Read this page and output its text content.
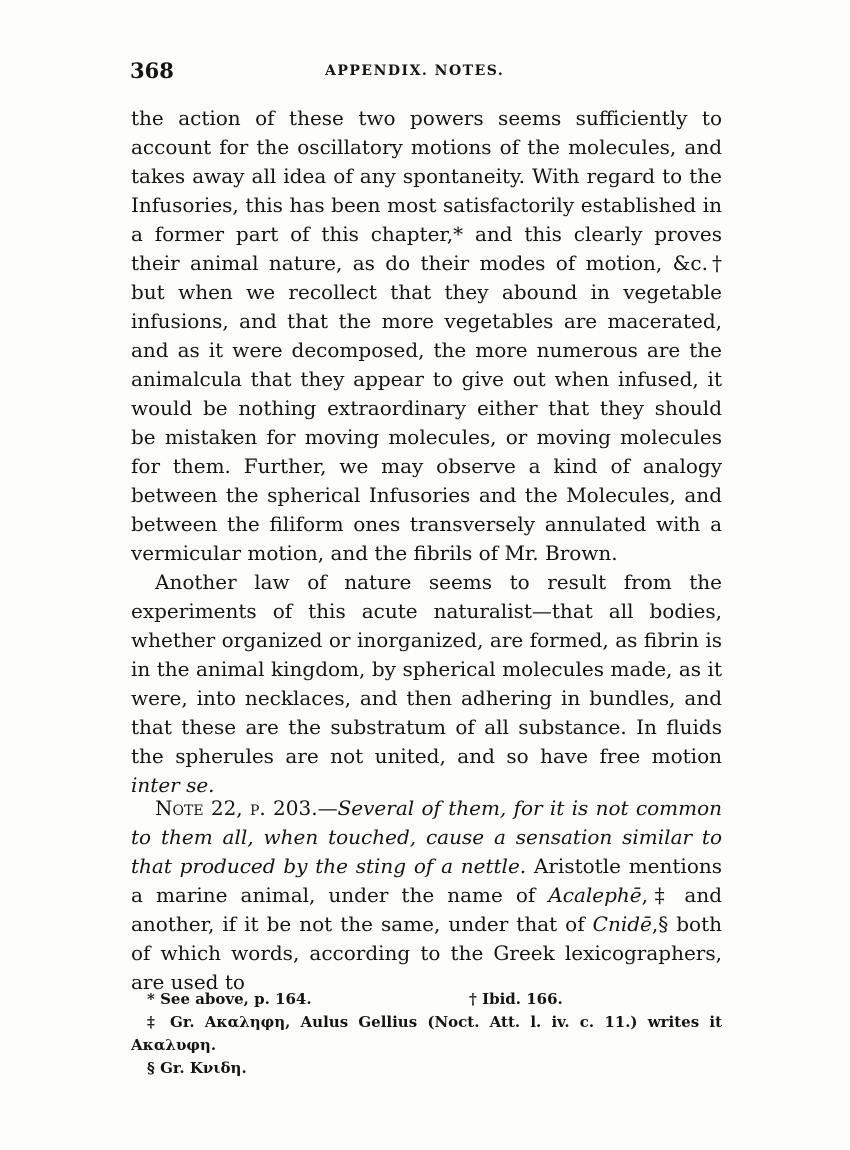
368	APPENDIX. NOTES.

the action of these two powers seems sufficiently to account for the oscillatory motions of the molecules, and takes away all idea of any spontaneity. With regard to the Infusories, this has been most satisfactorily established in a former part of this chapter,* and this clearly proves their animal nature, as do their modes of motion, &c.† but when we recollect that they abound in vegetable infusions, and that the more vegetables are macerated, and as it were decomposed, the more numerous are the animalcula that they appear to give out when infused, it would be nothing extraordinary either that they should be mistaken for moving molecules, or moving molecules for them. Further, we may observe a kind of analogy between the spherical Infusories and the Molecules, and between the filiform ones transversely annulated with a vermicular motion, and the fibrils of Mr. Brown.

Another law of nature seems to result from the experiments of this acute naturalist—that all bodies, whether organized or inorganized, are formed, as fibrin is in the animal kingdom, by spherical molecules made, as it were, into necklaces, and then adhering in bundles, and that these are the substratum of all substance. In fluids the spherules are not united, and so have free motion inter se.

Note 22, p. 203.—Several of them, for it is not common to them all, when touched, cause a sensation similar to that produced by the sting of a nettle. Aristotle mentions a marine animal, under the name of Acalephē,‡ and another, if it be not the same, under that of Cnidē,§ both of which words, according to the Greek lexicographers, are used to

* See above, p. 164.	† Ibid. 166.
‡ Gr. Ακαληφη, Aulus Gellius (Noct. Att. l. iv. c. 11.) writes it
Ακαλυφη.
§ Gr. Κνιδη.
